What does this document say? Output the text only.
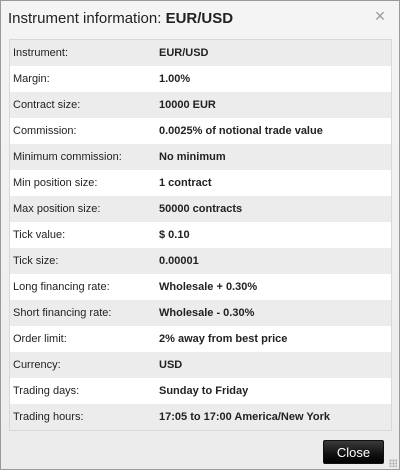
Instrument information: EUR/USD	×
Instrument:	EUR/USD
Margin:	1.00%
Contract size:	10000 EUR
Commission:	0.0025% of notional trade value
Minimum commission:	No minimum
Min position size:	1 contract
Max position size:	50000 contracts
Tick value:	$ 0.10
Tick size:	0.00001
Long financing rate:	Wholesale + 0.30%
Short financing rate:	Wholesale - 0.30%
Order limit:	2% away from best price
Currency:	USD
Trading days:	Sunday to Friday
Trading hours:	17:05 to 17:00 America/New York
Close
